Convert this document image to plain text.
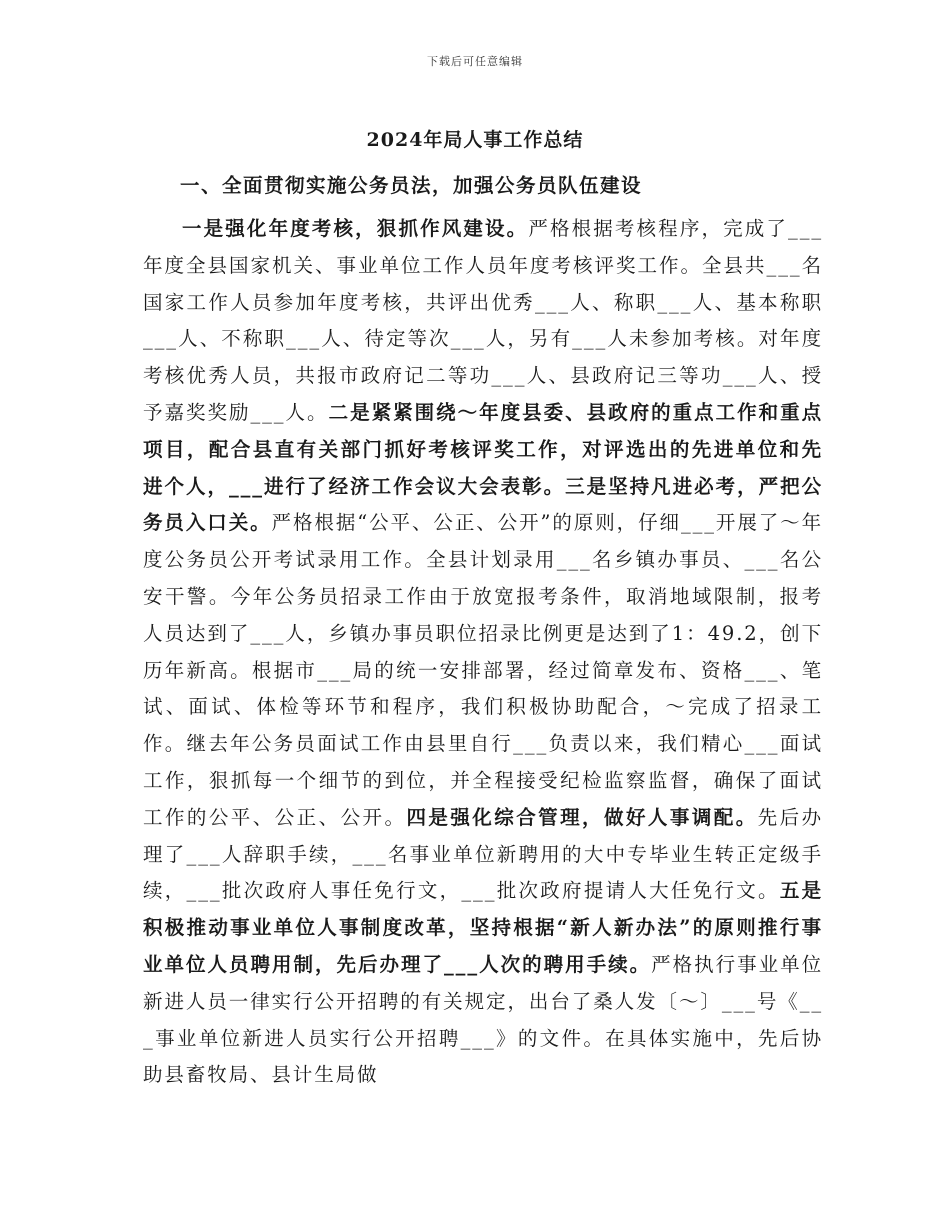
下载后可任意编辑
2024年局人事工作总结
一、全面贯彻实施公务员法，加强公务员队伍建设

一是强化年度考核，狠抓作风建设。严格根据考核程序，完成了___年度全县国家机关、事业单位工作人员年度考核评奖工作。全县共___名国家工作人员参加年度考核，共评出优秀___人、称职___人、基本称职___人、不称职___人、待定等次___人，另有___人未参加考核。对年度考核优秀人员，共报市政府记二等功___人、县政府记三等功___人、授予嘉奖奖励___人。二是紧紧围绕～年度县委、县政府的重点工作和重点项目，配合县直有关部门抓好考核评奖工作，对评选出的先进单位和先进个人，___进行了经济工作会议大会表彰。三是坚持凡进必考，严把公务员入口关。严格根据“公平、公正、公开”的原则，仔细___开展了～年度公务员公开考试录用工作。全县计划录用___名乡镇办事员、___名公安干警。今年公务员招录工作由于放宽报考条件，取消地域限制，报考人员达到了___人，乡镇办事员职位招录比例更是达到了1：49.2，创下历年新高。根据市___局的统一安排部署，经过简章发布、资格___、笔试、面试、体检等环节和程序，我们积极协助配合，～完成了招录工作。继去年公务员面试工作由县里自行___负责以来，我们精心___面试工作，狠抓每一个细节的到位，并全程接受纪检监察监督，确保了面试工作的公平、公正、公开。四是强化综合管理，做好人事调配。先后办理了___人辞职手续，___名事业单位新聘用的大中专毕业生转正定级手续，___批次政府人事任免行文，___批次政府提请人大任免行文。五是积极推动事业单位人事制度改革，坚持根据“新人新办法”的原则推行事业单位人员聘用制，先后办理了___人次的聘用手续。严格执行事业单位新进人员一律实行公开招聘的有关规定，出台了桑人发〔～〕___号《___事业单位新进人员实行公开招聘___》的文件。在具体实施中，先后协助县畜牧局、县计生局做
